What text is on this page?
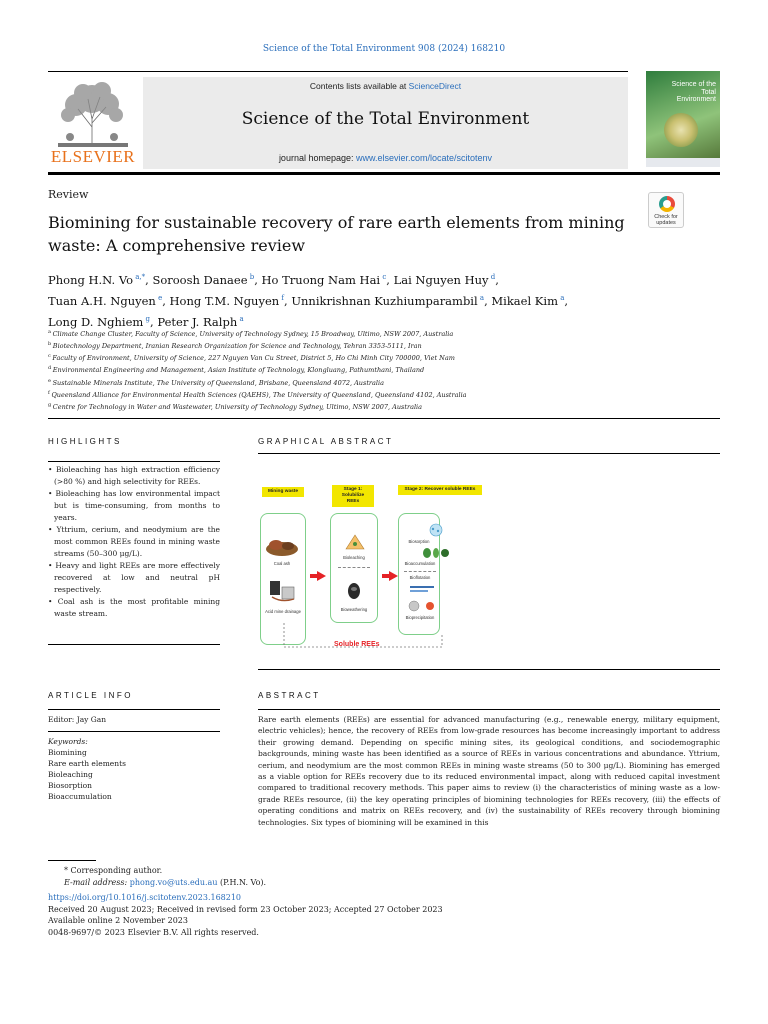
Science of the Total Environment 908 (2024) 168210
ELSEVIER
Contents lists available at ScienceDirect
Science of the Total Environment
journal homepage: www.elsevier.com/locate/scitotenv
Science of the Total Environment
Review
Biomining for sustainable recovery of rare earth elements from mining waste: A comprehensive review
Check for updates
Phong H.N. Vo $^{a,*}$, Soroosh Danaee $^b$, Ho Truong Nam Hai $^c$, Lai Nguyen Huy $^d$,
Tuan A.H. Nguyen $^e$, Hong T.M. Nguyen $^f$, Unnikrishnan Kuzhiumparambil $^a$, Mikael Kim $^a$,
Long D. Nghiem $^g$, Peter J. Ralph $^a$
$^a$ Climate Change Cluster, Faculty of Science, University of Technology Sydney, 15 Broadway, Ultimo, NSW 2007, Australia
$^b$ Biotechnology Department, Iranian Research Organization for Science and Technology, Tehran 3353-5111, Iran
$^c$ Faculty of Environment, University of Science, 227 Nguyen Van Cu Street, District 5, Ho Chi Minh City 700000, Viet Nam
$^d$ Environmental Engineering and Management, Asian Institute of Technology, Klongluang, Pathumthani, Thailand
$^e$ Sustainable Minerals Institute, The University of Queensland, Brisbane, Queensland 4072, Australia
$^f$ Queensland Alliance for Environmental Health Sciences (QAEHS), The University of Queensland, Queensland 4102, Australia
$^g$ Centre for Technology in Water and Wastewater, University of Technology Sydney, Ultimo, NSW 2007, Australia
HIGHLIGHTS	GRAPHICAL ABSTRACT
• Bioleaching has high extraction efficiency (>80 %) and high selectivity for REEs.
• Bioleaching has low environmental impact but is time-consuming, from months to years.
• Yttrium, cerium, and neodymium are the most common REEs found in mining waste streams (50–300 μg/L).
• Heavy and light REEs are more effectively recovered at low and neutral pH respectively.
• Coal ash is the most profitable mining waste stream.
Mining waste	Stage 1: Solubilize REEs
Stage 2: Recover soluble REEs
Coal ash
Acid mine drainage
Bioleaching
Bioweathering
Biosorption
Bioaccumulation
Bioflotation
Bioprecipitation
Soluble REEs
ARTICLE INFO	ABSTRACT
Editor: Jay Gan
Keywords:
Biomining
Rare earth elements
Bioleaching
Biosorption
Bioaccumulation
Rare earth elements (REEs) are essential for advanced manufacturing (e.g., renewable energy, military equipment, electric vehicles); hence, the recovery of REEs from low-grade resources has become increasingly important to address their growing demand. Depending on specific mining sites, its geological conditions, and sociodemographic backgrounds, mining waste has been identified as a source of REEs in various concentrations and abundance. Yttrium, cerium, and neodymium are the most common REEs in mining waste streams (50 to 300 μg/L). Biomining has emerged as a viable option for REEs recovery due to its reduced environmental impact, along with reduced capital investment compared to traditional recovery methods. This paper aims to review (i) the characteristics of mining waste as a low-grade REEs resource, (ii) the key operating principles of biomining technologies for REEs recovery, (iii) the effects of operating conditions and matrix on REEs recovery, and (iv) the sustainability of REEs recovery through biomining technologies. Six types of biomining will be examined in this
* Corresponding author.
E-mail address: phong.vo@uts.edu.au (P.H.N. Vo).
https://doi.org/10.1016/j.scitotenv.2023.168210
Received 20 August 2023; Received in revised form 23 October 2023; Accepted 27 October 2023
Available online 2 November 2023
0048-9697/© 2023 Elsevier B.V. All rights reserved.
